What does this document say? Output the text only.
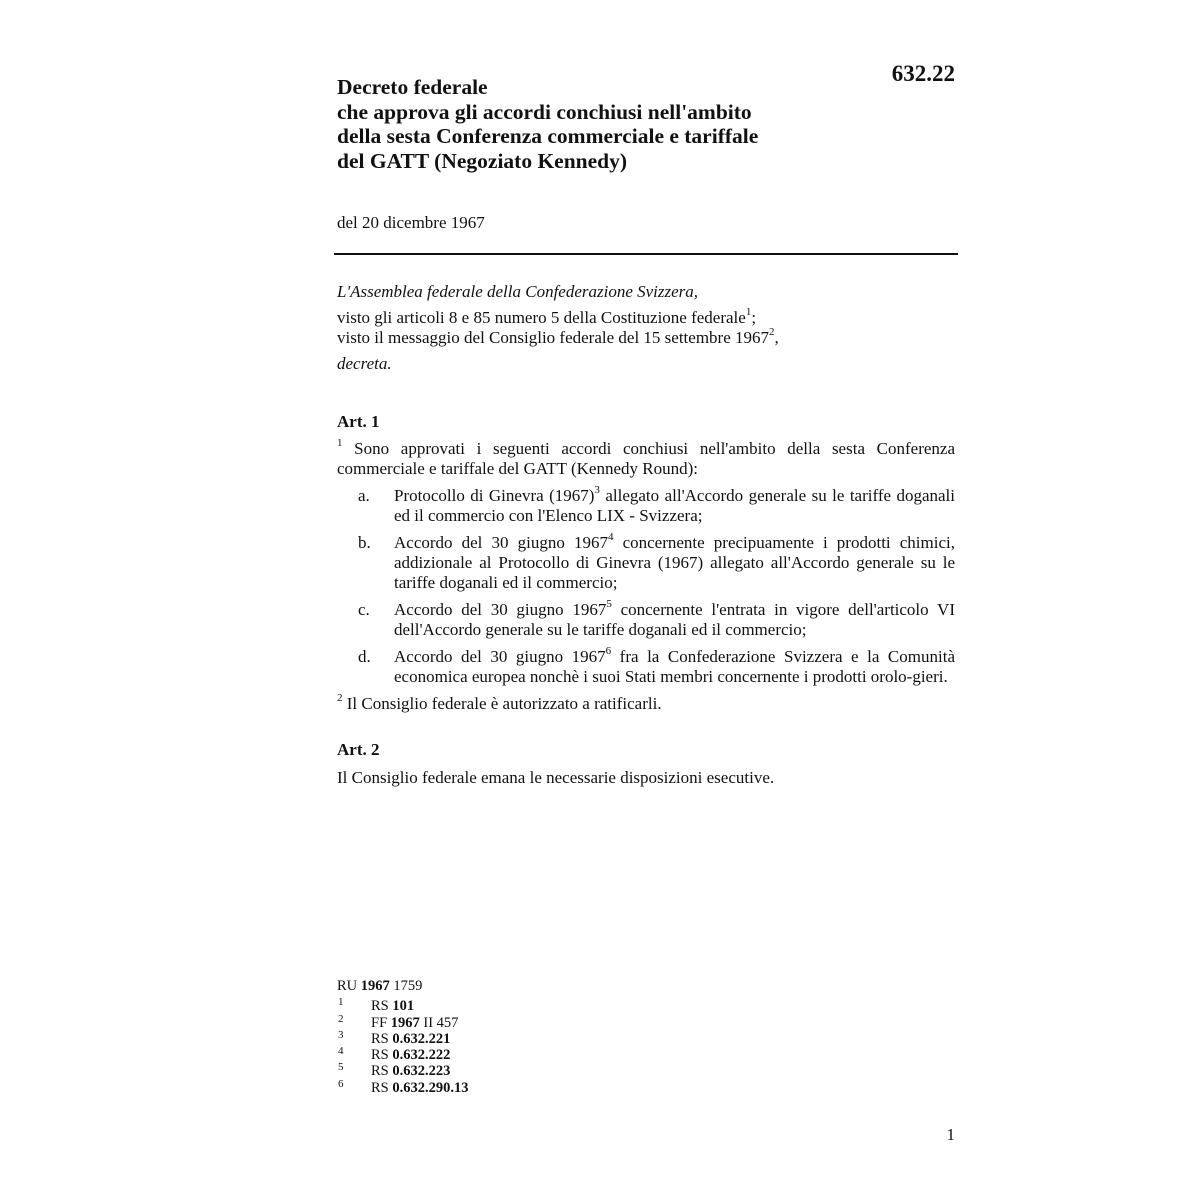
632.22
Decreto federale
che approva gli accordi conchiusi nell'ambito
della sesta Conferenza commerciale e tariffale
del GATT (Negoziato Kennedy)
del 20 dicembre 1967

L'Assemblea federale della Confederazione Svizzera,

visto gli articoli 8 e 85 numero 5 della Costituzione federale$^1$;

visto il messaggio del Consiglio federale del 15 settembre 1967$^2$,

decreta.

Art. 1

$^1$ Sono approvati i seguenti accordi conchiusi nell'ambito della sesta Conferenza commerciale e tariffale del GATT (Kennedy Round):

a. Protocollo di Ginevra (1967)$^3$ allegato all'Accordo generale su le tariffe doganali ed il commercio con l'Elenco LIX - Svizzera;
b. Accordo del 30 giugno 1967$^4$ concernente precipuamente i prodotti chimici, addizionale al Protocollo di Ginevra (1967) allegato all'Accordo generale su le tariffe doganali ed il commercio;
c. Accordo del 30 giugno 1967$^5$ concernente l'entrata in vigore dell'articolo VI dell'Accordo generale su le tariffe doganali ed il commercio;
d. Accordo del 30 giugno 1967$^6$ fra la Confederazione Svizzera e la Comunità economica europea nonchè i suoi Stati membri concernente i prodotti orolo-gieri.

$^2$ Il Consiglio federale è autorizzato a ratificarli.

Art. 2

Il Consiglio federale emana le necessarie disposizioni esecutive.

RU 1967 1759
1 RS 101
2 FF 1967 II 457
3 RS 0.632.221
4 RS 0.632.222
5 RS 0.632.223
6 RS 0.632.290.13
1
